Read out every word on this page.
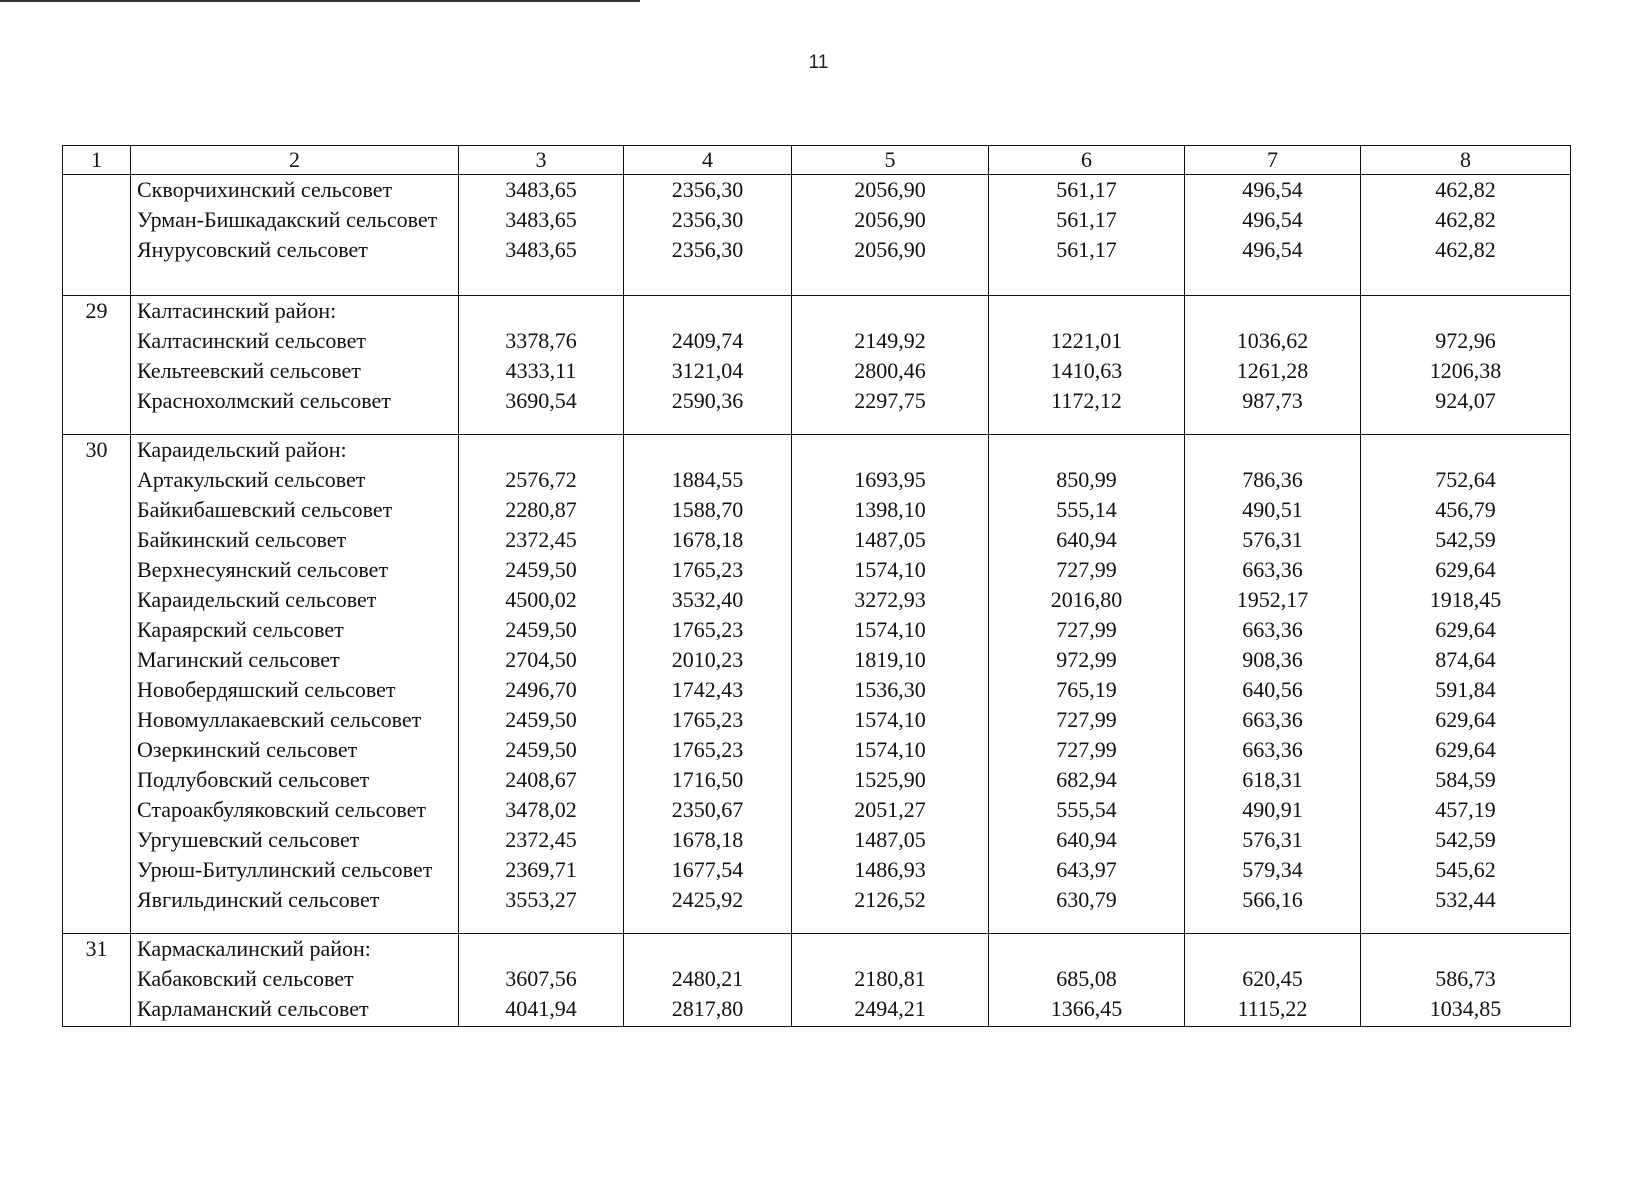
11
1	2	3	4	5	6	7	8
	Скворчихинский сельсовет	3483,65	2356,30	2056,90	561,17	496,54	462,82
	Урман-Бишкадакский сельсовет	3483,65	2356,30	2056,90	561,17	496,54	462,82
	Янурусовский сельсовет	3483,65	2356,30	2056,90	561,17	496,54	462,82

29	Калтасинский район:						
	Калтасинский сельсовет	3378,76	2409,74	2149,92	1221,01	1036,62	972,96
	Кельтеевский сельсовет	4333,11	3121,04	2800,46	1410,63	1261,28	1206,38
	Краснохолмский сельсовет	3690,54	2590,36	2297,75	1172,12	987,73	924,07

30	Караидельский район:						
	Артакульский сельсовет	2576,72	1884,55	1693,95	850,99	786,36	752,64
	Байкибашевский сельсовет	2280,87	1588,70	1398,10	555,14	490,51	456,79
	Байкинский сельсовет	2372,45	1678,18	1487,05	640,94	576,31	542,59
	Верхнесуянский сельсовет	2459,50	1765,23	1574,10	727,99	663,36	629,64
	Караидельский сельсовет	4500,02	3532,40	3272,93	2016,80	1952,17	1918,45
	Караярский сельсовет	2459,50	1765,23	1574,10	727,99	663,36	629,64
	Магинский сельсовет	2704,50	2010,23	1819,10	972,99	908,36	874,64
	Новобердяшский сельсовет	2496,70	1742,43	1536,30	765,19	640,56	591,84
	Новомуллакаевский сельсовет	2459,50	1765,23	1574,10	727,99	663,36	629,64
	Озеркинский сельсовет	2459,50	1765,23	1574,10	727,99	663,36	629,64
	Подлубовский сельсовет	2408,67	1716,50	1525,90	682,94	618,31	584,59
	Староакбуляковский сельсовет	3478,02	2350,67	2051,27	555,54	490,91	457,19
	Ургушевский сельсовет	2372,45	1678,18	1487,05	640,94	576,31	542,59
	Урюш-Битуллинский сельсовет	2369,71	1677,54	1486,93	643,97	579,34	545,62
	Явгильдинский сельсовет	3553,27	2425,92	2126,52	630,79	566,16	532,44

31	Кармаскалинский район:						
	Кабаковский сельсовет	3607,56	2480,21	2180,81	685,08	620,45	586,73
	Карламанский сельсовет	4041,94	2817,80	2494,21	1366,45	1115,22	1034,85
